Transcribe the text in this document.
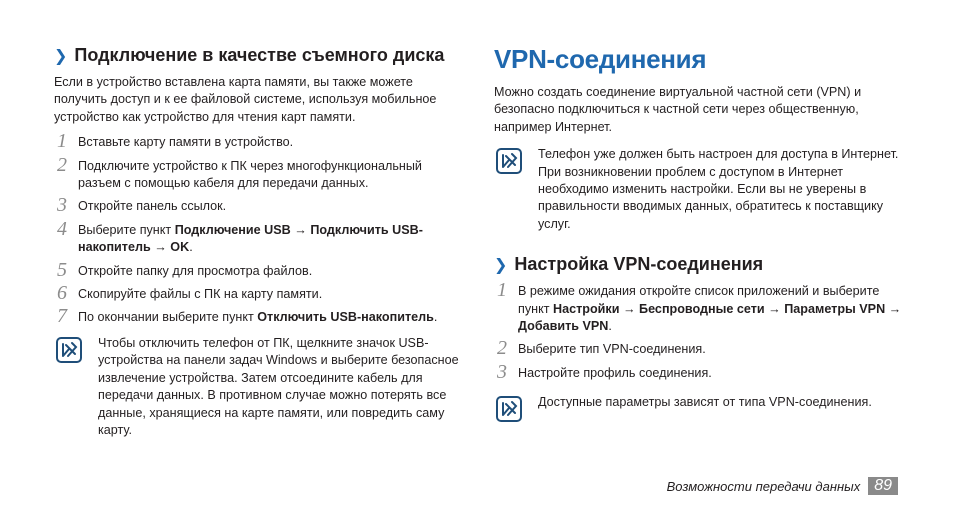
❯ Подключение в качестве съемного диска

Если в устройство вставлена карта памяти, вы также можете получить доступ и к ее файловой системе, используя мобильное устройство как устройство для чтения карт памяти.

1 Вставьте карту памяти в устройство.
2 Подключите устройство к ПК через многофункциональный разъем с помощью кабеля для передачи данных.
3 Откройте панель ссылок.
4 Выберите пункт Подключение USB → Подключить USB-накопитель → OK.
5 Откройте папку для просмотра файлов.
6 Скопируйте файлы с ПК на карту памяти.
7 По окончании выберите пункт Отключить USB-накопитель.
Чтобы отключить телефон от ПК, щелкните значок USB-устройства на панели задач Windows и выберите безопасное извлечение устройства. Затем отсоедините кабель для передачи данных. В противном случае можно потерять все данные, хранящиеся на карте памяти, или повредить саму карту.
VPN-соединения

Можно создать соединение виртуальной частной сети (VPN) и безопасно подключиться к частной сети через общественную, например Интернет.

Телефон уже должен быть настроен для доступа в Интернет. При возникновении проблем с доступом в Интернет необходимо изменить настройки. Если вы не уверены в правильности вводимых данных, обратитесь к поставщику услуг.
❯ Настройка VPN-соединения
1 В режиме ожидания откройте список приложений и выберите пункт Настройки → Беспроводные сети → Параметры VPN → Добавить VPN.
2 Выберите тип VPN-соединения.
3 Настройте профиль соединения.
Доступные параметры зависят от типа VPN-соединения.
Возможности передачи данных 89
